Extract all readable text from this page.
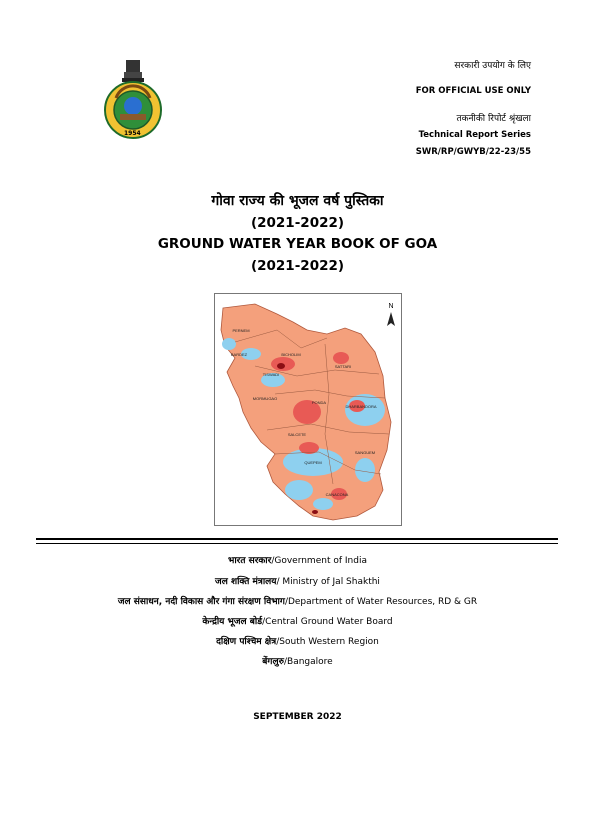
1954
सरकारी उपयोग के लिए
FOR OFFICIAL USE ONLY
तकनीकी रिपोर्ट श्रृंखला
Technical Report Series
SWR/RP/GWYB/22-23/55
गोवा राज्य की भूजल वर्ष पुस्तिका
(2021-2022)
GROUND WATER YEAR BOOK OF GOA
(2021-2022)
N
PERNEM
BARDEZ
TISWADI
MORMUGAO
PONDA
SATTARI
BICHOLIM
DHARBANDORA
SALCETE
SANGUEM
QUEPEM
CANACONA
भारत सरकार/Government of India
जल शक्ति मंत्रालय/ Ministry of Jal Shakthi
जल संसाधन, नदी विकास और गंगा संरक्षण विभाग/Department of Water Resources, RD & GR
केन्द्रीय भूजल बोर्ड/Central Ground Water Board
दक्षिण पश्चिम क्षेत्र/South Western Region
बेंगलुरु/Bangalore
SEPTEMBER 2022
